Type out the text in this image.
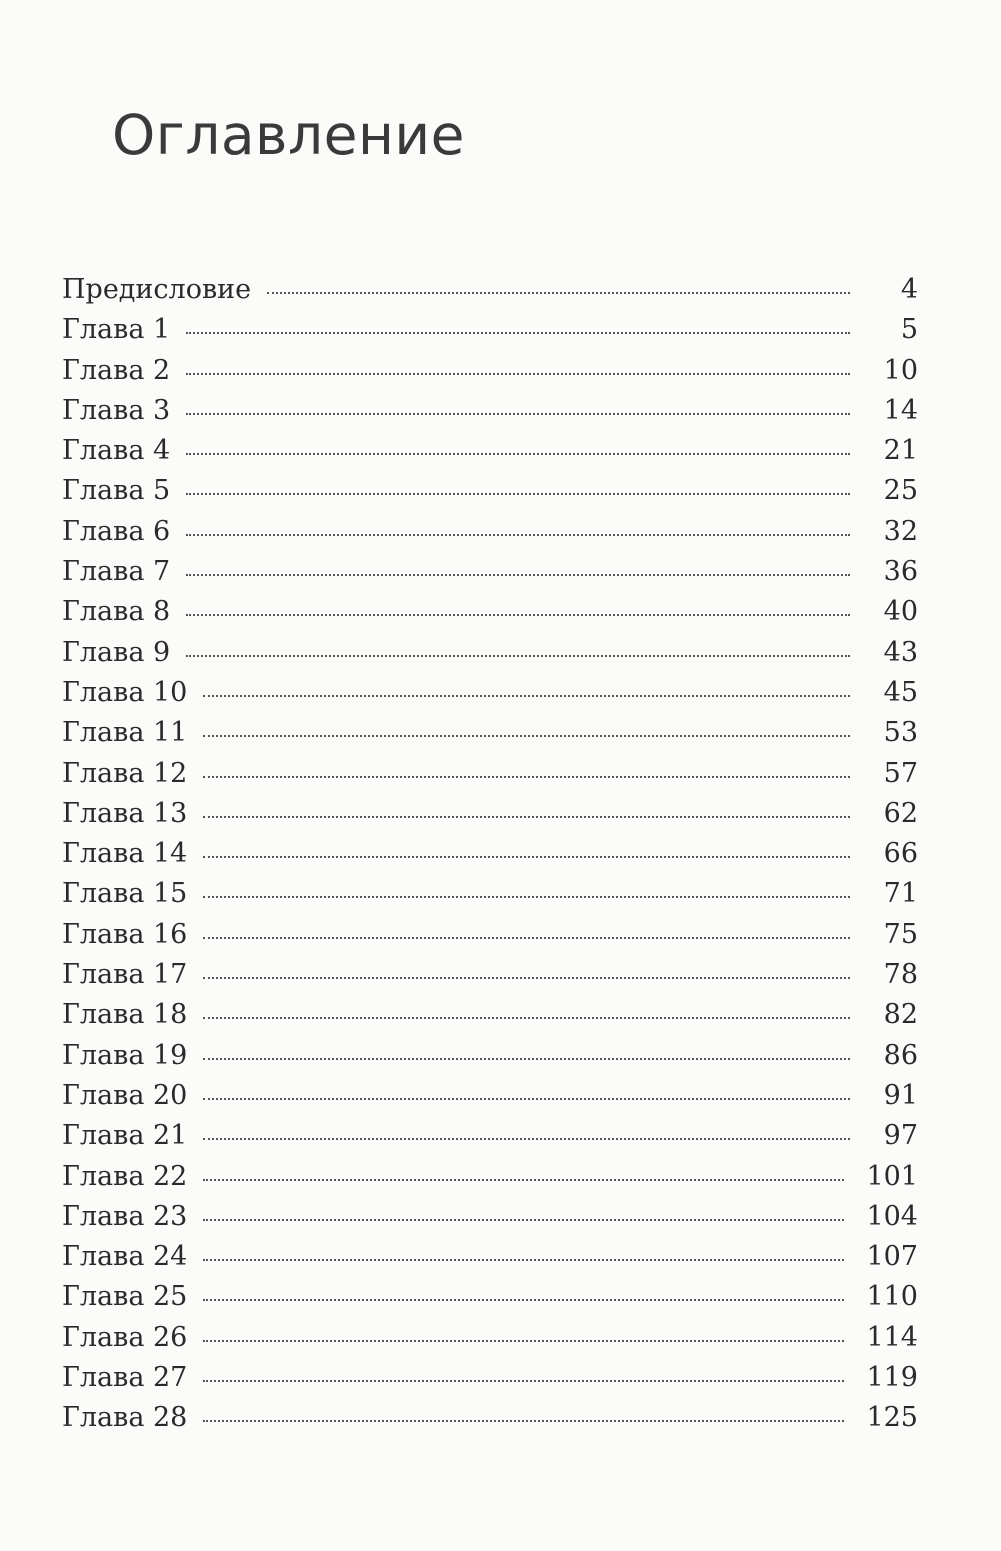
Оглавление
Предисловие	4
Глава 1	5
Глава 2	10
Глава 3	14
Глава 4	21
Глава 5	25
Глава 6	32
Глава 7	36
Глава 8	40
Глава 9	43
Глава 10	45
Глава 11	53
Глава 12	57
Глава 13	62
Глава 14	66
Глава 15	71
Глава 16	75
Глава 17	78
Глава 18	82
Глава 19	86
Глава 20	91
Глава 21	97
Глава 22	101
Глава 23	104
Глава 24	107
Глава 25	110
Глава 26	114
Глава 27	119
Глава 28	125
